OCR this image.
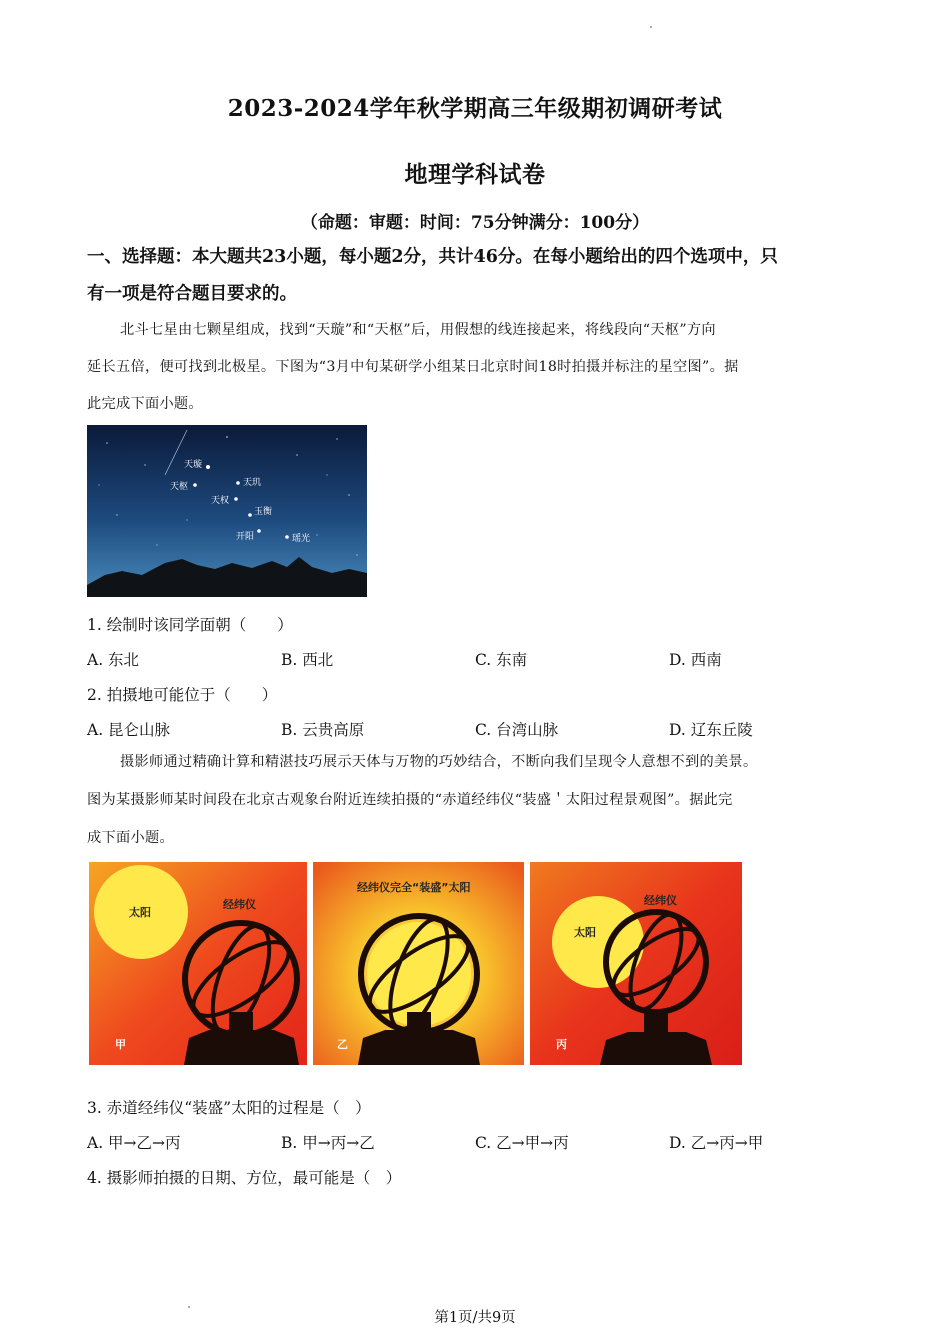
2023-2024学年秋学期高三年级期初调研考试
地理学科试卷
（命题：审题：时间：75分钟满分：100分）
一、选择题：本大题共23小题，每小题2分，共计46分。在每小题给出的四个选项中，只
有一项是符合题目要求的。
北斗七星由七颗星组成，找到“天璇”和“天枢”后，用假想的线连接起来，将线段向“天枢”方向
延长五倍，便可找到北极星。下图为“3月中旬某研学小组某日北京时间18时拍摄并标注的星空图”。据
此完成下面小题。
天璇
天枢	天玑
天权
玉衡
开阳	瑶光
1. 绘制时该同学面朝（　　）
A. 东北	B. 西北	C. 东南	D. 西南
2. 拍摄地可能位于（　　）
A. 昆仑山脉	B. 云贵高原	C. 台湾山脉	D. 辽东丘陵
摄影师通过精确计算和精湛技巧展示天体与万物的巧妙结合，不断向我们呈现令人意想不到的美景。
图为某摄影师某时间段在北京古观象台附近连续拍摄的“赤道经纬仪“装盛＇太阳过程景观图”。据此完
成下面小题。
太阳
经纬仪
甲
经纬仪完全“装盛”太阳
乙
太阳
经纬仪
丙
3. 赤道经纬仪“装盛”太阳的过程是（　）
A. 甲→乙→丙	B. 甲→丙→乙	C. 乙→甲→丙	D. 乙→丙→甲
4. 摄影师拍摄的日期、方位，最可能是（　）
第1页/共9页
